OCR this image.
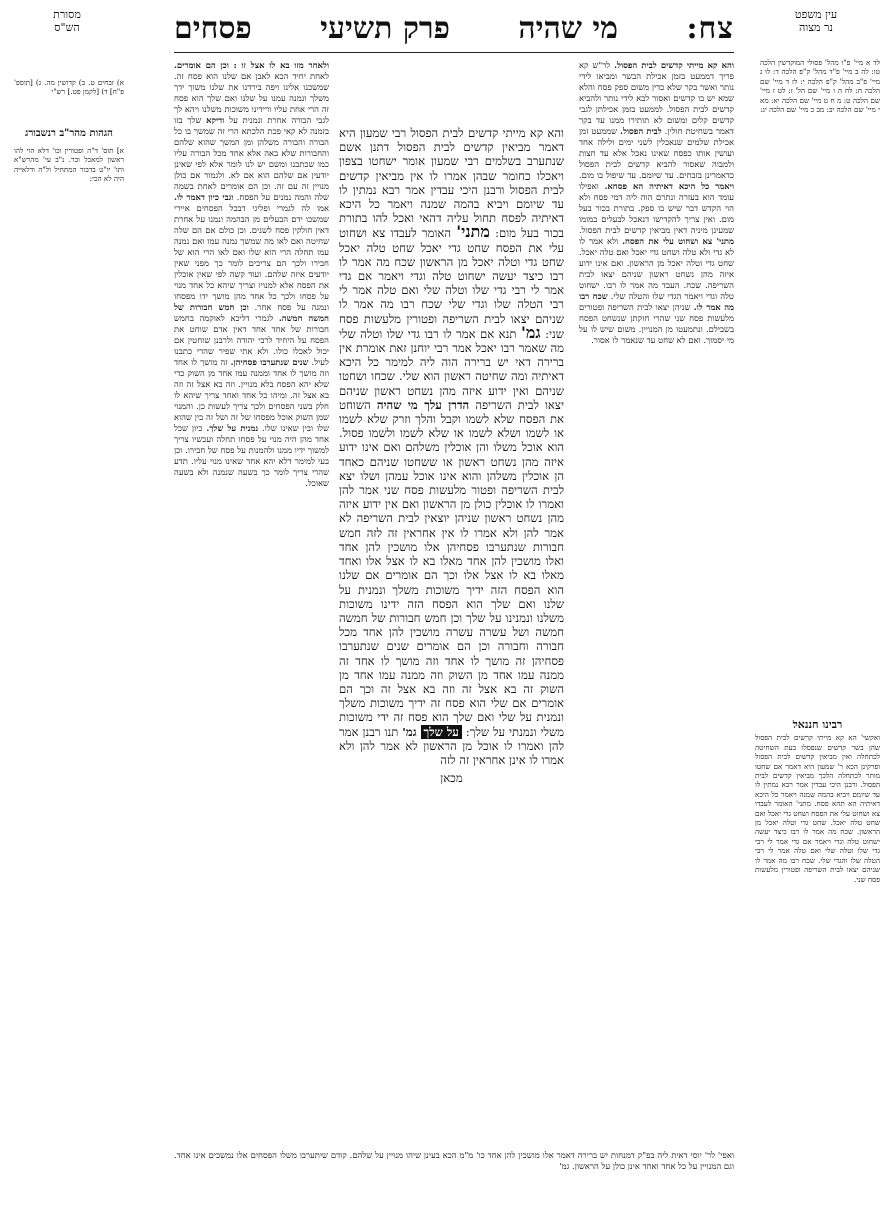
עין משפט
נר מצוה
צח:
מי שהיה
פרק תשיעי
פסחים
מסורת
הש"ס

לד א מיי' פ"ו מהל' פסולי המוקדשין הלכה טו: לה ב מיי' פ"ד מהל' ק"פ הלכה ד: לו ג מיי' פ"ב מהל' ק"פ הלכה י: לז ד מיי' שם הלכה ח: לח ה ו מיי' שם הל' ז: לט ז מיי' שם הלכה ט: מ ח ט מיי' שם הלכה יא: מא י מיי' שם הלכה יב: מב כ מיי' שם הלכה יג:

רבינו חננאל

ואקשי' הא קא מייתי קרשים לבית הפסול שהן בשר קדשים שנפסלו בעת השחיטה לכתחלה ואין מביאין קדשים לבית הפסול ופרקינן הכא ר' שמעון היא דאמר אם שחטו מותר לכתחלה הלכך מביאין קדשים לבית הפסול. ורבנן היכי עבדין אמר רבא נמתין לו עד שיומם ויביא בהמה שמנה ויאמר כל היכא דאיתיה הא תהא פסח. מתני' האומר לעבדו צא ושחוט עלי את הפסח ושחט גדי יאכל ואם שחט טלה יאכל. שחט גדי וטלה יאכל מן הראשון. שכח מה אמר לו רבו כיצד יעשה ישחוט טלה וגדי ויאמר אם גדי אמר לי רבי גדי שלו וטלה שלי ואם טלה אמר לי רבי הטלה שלו והגדי שלי. שכח רבו מה אמר לו שניהם יצאו לבית השריפה ופטורין מלעשות פסח שני.

והא קא מייתי קדשים לבית הפסול. לר"ש קא פריך דממעט בזמן אכילת הבשר ומביאו לידי נותר ואשר בקר שלא כדין משום ספק פסח והלא שמא יש בו קדשים ואסור לבא לידי נותר ולהביא קדשים לבית הפסול. לממעט בזמן אכילתן לגבי קדשים קלים ומשום לא תותירו ממנו עד בקר דאמר בשחיטת חולין. לבית הפסול. שממעט זמן אכילת שלמים שנאכלין לשני ימים ולילה אחד ועושין אותו כפסח שאינו נאכל אלא עד חצות ולמבוה שאסור להביא קדשים לבית הפסול כדאמרינן בזבחים. עד שיומם. עד שיפול בו מום. ויאמר כל היכא דאיתיה הא פסחא. ואפילו עומד הוא בעזרה ונתרם הוה ליה דמי פסח ולא הוי הקדש דבר שיש בו ספק. בתורת בכור בעל מום. ואין צריך להקדישו דנאכל לבעלים במומו שמעינן מיניה דאין מביאין קדשים לבית הפסול. מתני' צא ושחוט עלי את הפסח. ולא אמר לו לא גדי ולא טלה ושחט גדי יאכל ואם טלה יאכל. שחט גדי וטלה יאכל מן הראשון. ואם אינו ידוע איזה מהן נשחט ראשון שניהם יצאו לבית השריפה. שכח. העבד מה אמר לו רבו. ישחוט טלה וגדי ויאמר הגדי שלו והטלה שלי. שכח רבו מה אמר לו. שניהן יצאו לבית השריפה ופטורים מלעשות פסח שני שהרי חזקתן שנשחט הפסח בשבילם. ונתמעטו מן המנויין. משום שיש לו על מי יסמוך. ואם לא שחט עד שנאמר לו אסור.

והא קא מייתי קדשים לבית הפסול רבי שמעון היא דאמר מביאין קדשים לבית הפסול דתנן אשם שנתערב בשלמים רבי שמעון אומר ישחטו בצפון ויאכלו כחומר שבהן אמרו לו אין מביאין קדשים לבית הפסול ורבנן היכי עבדין אמר רבא נמתין לו עד שיומם ויביא בהמה שמנה ויאמר כל היכא דאיתיה לפסח תחול עליה דהאי ואכל להו בתורת בכור בעל מום: מתני' האומר לעבדו צא ושחוט עלי את הפסח שחט גדי יאכל שחט טלה יאכל שחט גדי וטלה יאכל מן הראשון שכח מה אמר לו רבו כיצד יעשה ישחוט טלה וגדי ויאמר אם גדי אמר לי רבי גדי שלו וטלה שלי ואם טלה אמר לי רבי הטלה שלו וגדי שלי שכח רבו מה אמר לו שניהם יצאו לבית השריפה ופטורין מלעשות פסח שני: גמ' תנא אם אמר לו רבו גדי שלו וטלה שלי מה שאמר רבו יאכל אמר רבי יוחנן זאת אומרת אין ברירה דאי יש ברירה הוה ליה למימר כל היכא דאיתיה ומה שחיטה ראשון הוא שלי. שכחו ושחטו שניהם ואין ידוע איזה מהן נשחט ראשון שניהם יצאו לבית השריפה הדרן עלך מי שהיה השוחט את הפסח שלא לשמו וקבל והלך וזרק שלא לשמו או לשמו ושלא לשמו או שלא לשמו ולשמו פסול. הוא אוכל משלו והן אוכלין משלהם ואם אינו ידוע איזה מהן נשחט ראשון או ששחטו שניהם כאחד הן אוכלין משלהן והוא אינו אוכל עמהן ושלו יצא לבית השריפה ופטור מלעשות פסח שני אמר להן ואמרו לו אוכלין כולן מן הראשון ואם אין ידוע איזה מהן נשחט ראשון שניהן יוצאין לבית השריפה לא אמר להן ולא אמרו לו אין אחראין זה לזה חמש חבורות שנתערבו פסחיהן אלו מושכין להן אחד ואלו מושכין להן אחד מאלו בא לו אצל אלו ואחד מאלו בא לו אצל אלו וכך הם אומרים אם שלנו הוא הפסח הזה ידיך משוכות משלך ונמנית על שלנו ואם שלך הוא הפסח הזה ידינו משוכות משלנו ונמנינו על שלך וכן חמש חבורות של חמשה חמשה ושל עשרה עשרה מושכין להן אחד מכל חבורה וחבורה וכן הם אומרים שנים שנתערבו פסחיהן זה מושך לו אחד וזה מושך לו אחד זה ממנה עמו אחד מן השוק וזה ממנה עמו אחד מן השוק זה בא אצל זה וזה בא אצל זה וכך הם אומרים אם שלי הוא פסח זה ידיך משוכות משלך ונמנית על שלי ואם שלך הוא פסח זה ידי משוכות משלי ונמנתי על שלך: על שלך גמ' תנו רבנן אמר להן ואמרו לו אוכל מן הראשון לא אמר להן ולא אמרו לו אינן אחראין זה לזה

מכאן

ולאחר מזו בא לו אצל זו : וכן הם אומרים. לאחת יחיד הכא לאבן אם שלנו הוא פסח זה. שמשכנו אלינו ויפה בירדנו את שלנו משוך ידך משלך ונמנה עמנו על שלנו ואם שלך הוא פסח זה הרי אחת עליו ורידינו משוכות משלנו ויהא לך לגבי הבורה אחרת ונמנית על ודיקא שלך בזו בזמנה לא קאי פכת הלכתא הרי זה שמשך בו כל הבורה והבורה משלהן ומן המשך שהוא שלהם והחבורות שלא באה אלא אחד מכל הבורה עליו כמו שכתבנו ומשם יש לנו לומר אלא לפי שאינן יודעין אם שלהם הוא אם לא. ולגמור אם כולן מנויין זה עם זה. וכן הם אומרים לאחת בשמה שלה והמה נמנים על הפסח. וגבי כיון דאמר לו. אמו לה לגמרי ופליגי דבכל הפסחים איירי שמשכו ידם הבעלים מן הבהמה ונמנו על אחרת דאין חולקין פסח לשנים. וכן כולם אם הם שלה שחיטה ואם לאו מה שמשך נמנה עמו ואם נמנה עמו תחלה הרי הוא שלו ואם לאו הרי הוא של חבירו ולכך הם צריכים לומר כך מפני שאין יודעים איזה שלהם. ועוד קשה לפי שאין אוכלין את הפסח אלא למנויו וצריך שיהא כל אחד מנוי על פסחו ולכך כל אחד מהן מושך ידו מפסחו ונמנה על פסח אחר. וכן חמש חבורות של חמשה חמשה. לגמרי דליכא לאוקמה בחמש חבורות של אחד אחד דאין אדם שוחט את הפסח על היחיד לרבי יהודה ולרבנן שוחטין אם יכול לאכלו כולו. ולא אתי שפיר שהרי כתבנו לעיל. שנים שנתערבו פסחיהן. זה מושך לו אחד וזה מושך לו אחד וממנה עמו אחד מן השוק כדי שלא יהא הפסח בלא מנויין. וזה בא אצל זה וזה בא אצל זה. ומיהו כל אחד ואחד צריך שיהא לו חלק בשני הפסחים ולכך צריך לעשות כן. והמנוי שמן השוק אוכל מפסחו של זה ושל זה בין שהוא שלו ובין שאינו שלו. נמנית על שלך. כיון שכל אחד מהן היה מנוי על פסחו תחלה ועכשיו צריך למשוך ידיו ממנו ולהמנות על פסח של חבירו. וכן בעי למימר דלא יהא אחד שאינו מנוי עליו. תדע שהרי צריך לומר כך בשעה שנמנה ולא בשעה שאוכל.

א) זבחים ט. ב) קדושין מה. ג) [תוספ' פ"ח] ד) [לקמן פט.] רש"י

הגהות מהר"ב רנשבורג

א] תוס' ד"ה ופטורין וכו' דלא הוי להו ראשון למאכל ובר. נ"ב עי' מהרש"א ותו' יו"ט בדבור המתחיל ול"ה ודלאייה היה לא הכי:

ואפי' לר' יוסי דאית ליה בפ"ק דמנחות יש ברירה דאמר אלו מושכין להן אחד כו' מ"מ הכא בעינן שיהו מנויין על שלהם. קודם שיתערבו משלו הפסחים אלו נמשכים אינו אחד. וגם המנויין על כל אחד ואחד אינן כולן על הראשון. גמ'
